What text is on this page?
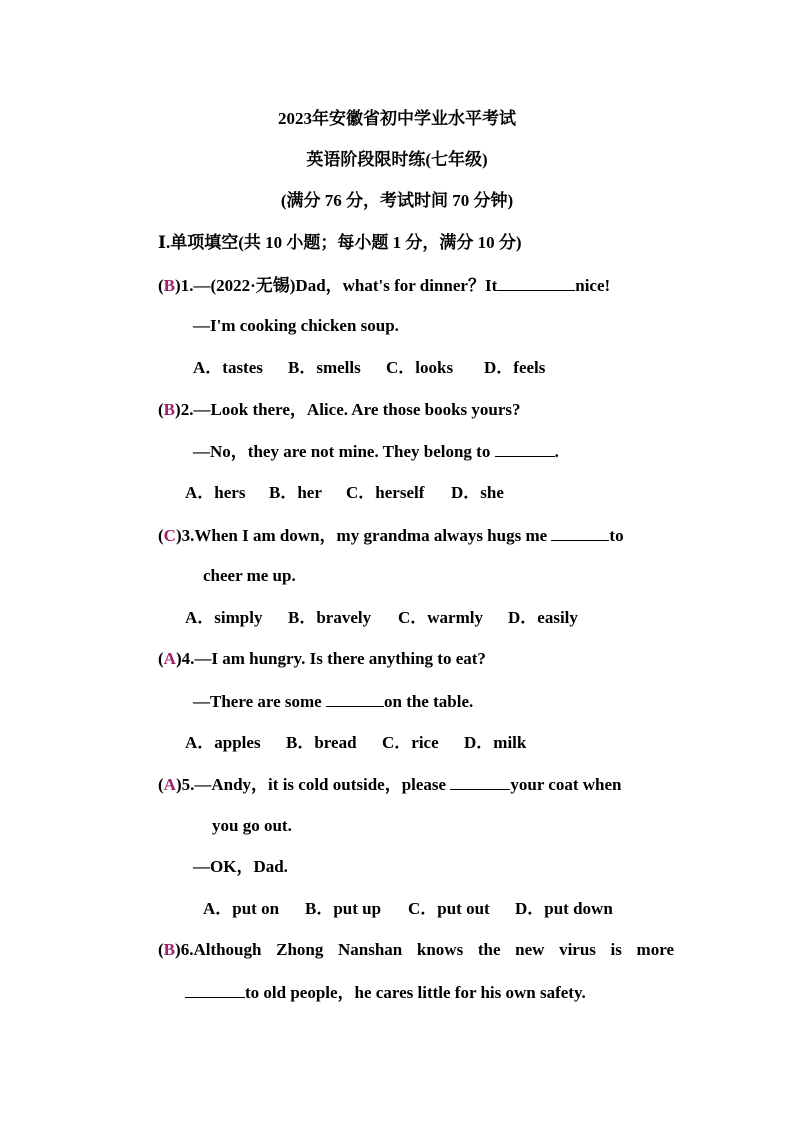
2023年安徽省初中学业水平考试
英语阶段限时练(七年级)
(满分 76 分，考试时间 70 分钟)
Ⅰ.单项填空(共 10 小题；每小题 1 分，满分 10 分)
(B)1.—(2022·无锡)Dad，what's for dinner？It	nice!
—I'm cooking chicken soup.
A．tastes B．smells C．looks D．feels
(B)2.—Look there，Alice. Are those books yours?
—No，they are not mine. They belong to	.
A．hers B．her C．herself D．she
(C)3.When I am down，my grandma always hugs me	to
cheer me up.
A．simply B．bravely C．warmly D．easily
(A)4.—I am hungry. Is there anything to eat?
—There are some	on the table.
A．apples B．bread C．rice D．milk
(A)5.—Andy，it is cold outside，please	your coat when
you go out.
—OK，Dad.
A．put on B．put up C．put out D．put down
(B)6.Although Zhong Nanshan knows the new virus is more
to old people，he cares little for his own safety.
